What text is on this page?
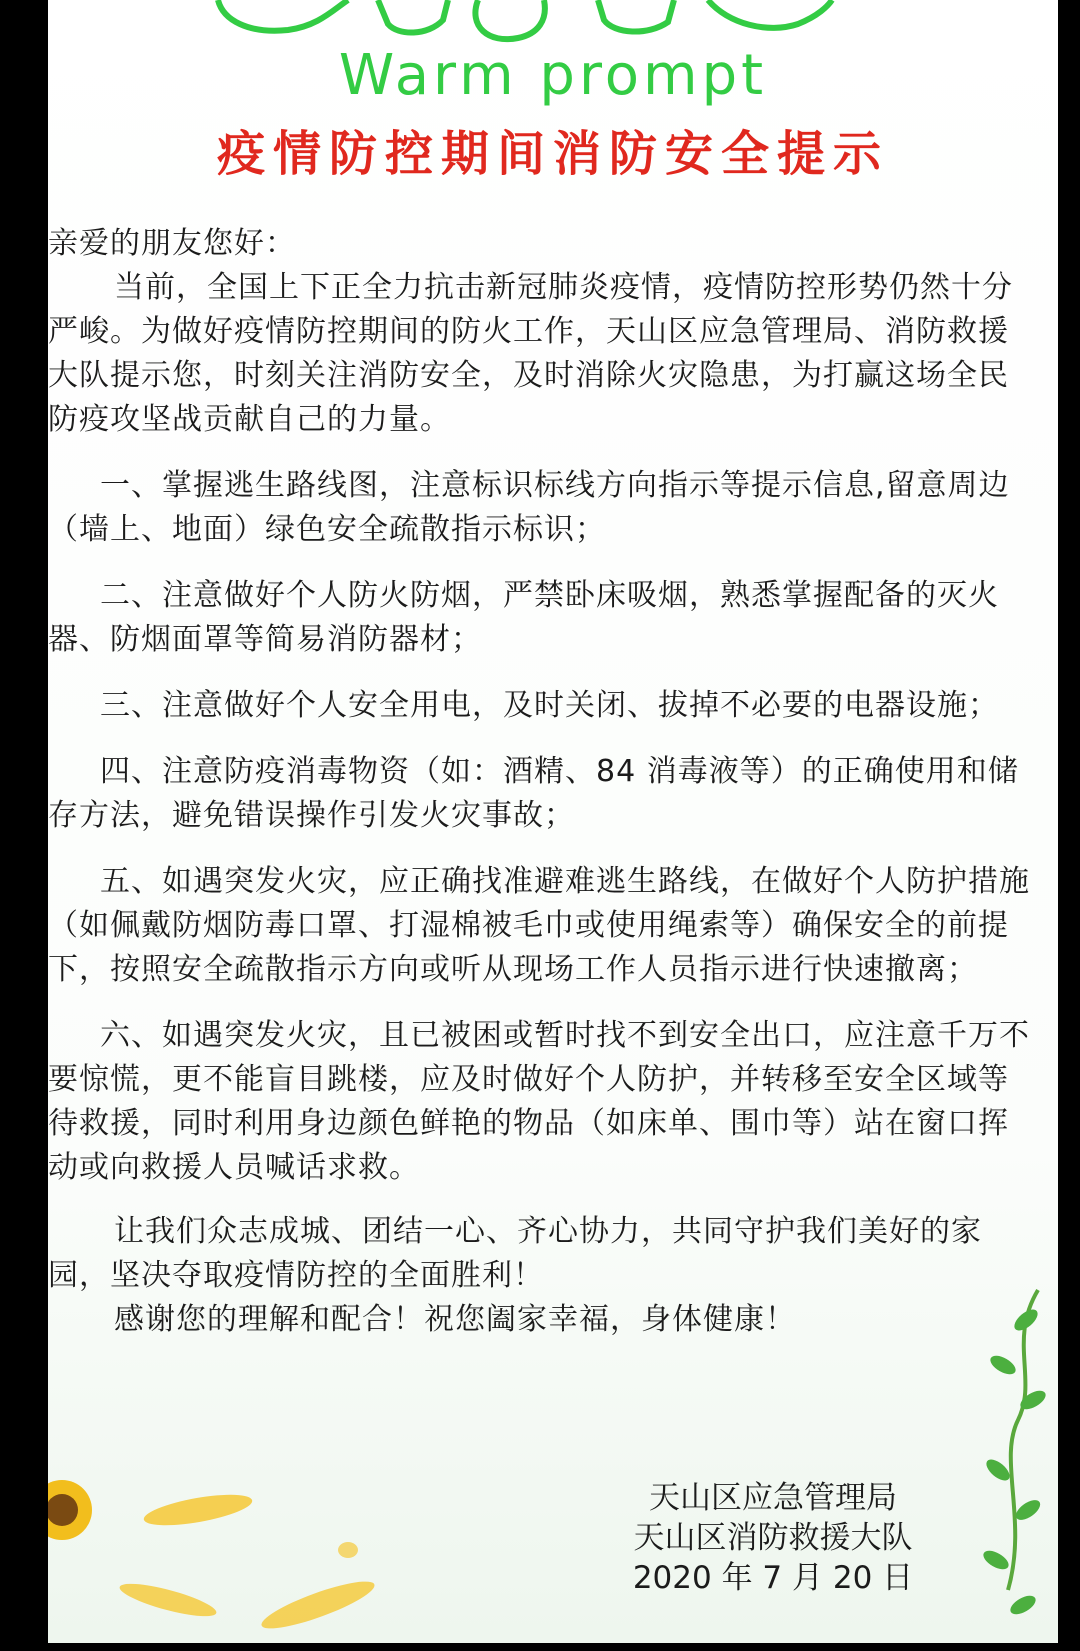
Warm prompt
疫情防控期间消防安全提示

亲爱的朋友您好：

当前，全国上下正全力抗击新冠肺炎疫情，疫情防控形势仍然十分严峻。为做好疫情防控期间的防火工作，天山区应急管理局、消防救援大队提示您，时刻关注消防安全，及时消除火灾隐患，为打赢这场全民防疫攻坚战贡献自己的力量。

一、掌握逃生路线图，注意标识标线方向指示等提示信息,留意周边（墙上、地面）绿色安全疏散指示标识；

二、注意做好个人防火防烟，严禁卧床吸烟，熟悉掌握配备的灭火器、防烟面罩等简易消防器材；

三、注意做好个人安全用电，及时关闭、拔掉不必要的电器设施；

四、注意防疫消毒物资（如：酒精、84 消毒液等）的正确使用和储存方法，避免错误操作引发火灾事故；

五、如遇突发火灾，应正确找准避难逃生路线，在做好个人防护措施（如佩戴防烟防毒口罩、打湿棉被毛巾或使用绳索等）确保安全的前提下，按照安全疏散指示方向或听从现场工作人员指示进行快速撤离；

六、如遇突发火灾，且已被困或暂时找不到安全出口，应注意千万不要惊慌，更不能盲目跳楼，应及时做好个人防护，并转移至安全区域等待救援，同时利用身边颜色鲜艳的物品（如床单、围巾等）站在窗口挥动或向救援人员喊话求救。

让我们众志成城、团结一心、齐心协力，共同守护我们美好的家园，坚决夺取疫情防控的全面胜利！

感谢您的理解和配合！祝您阖家幸福，身体健康！

天山区应急管理局
天山区消防救援大队
2020 年 7 月 20 日
